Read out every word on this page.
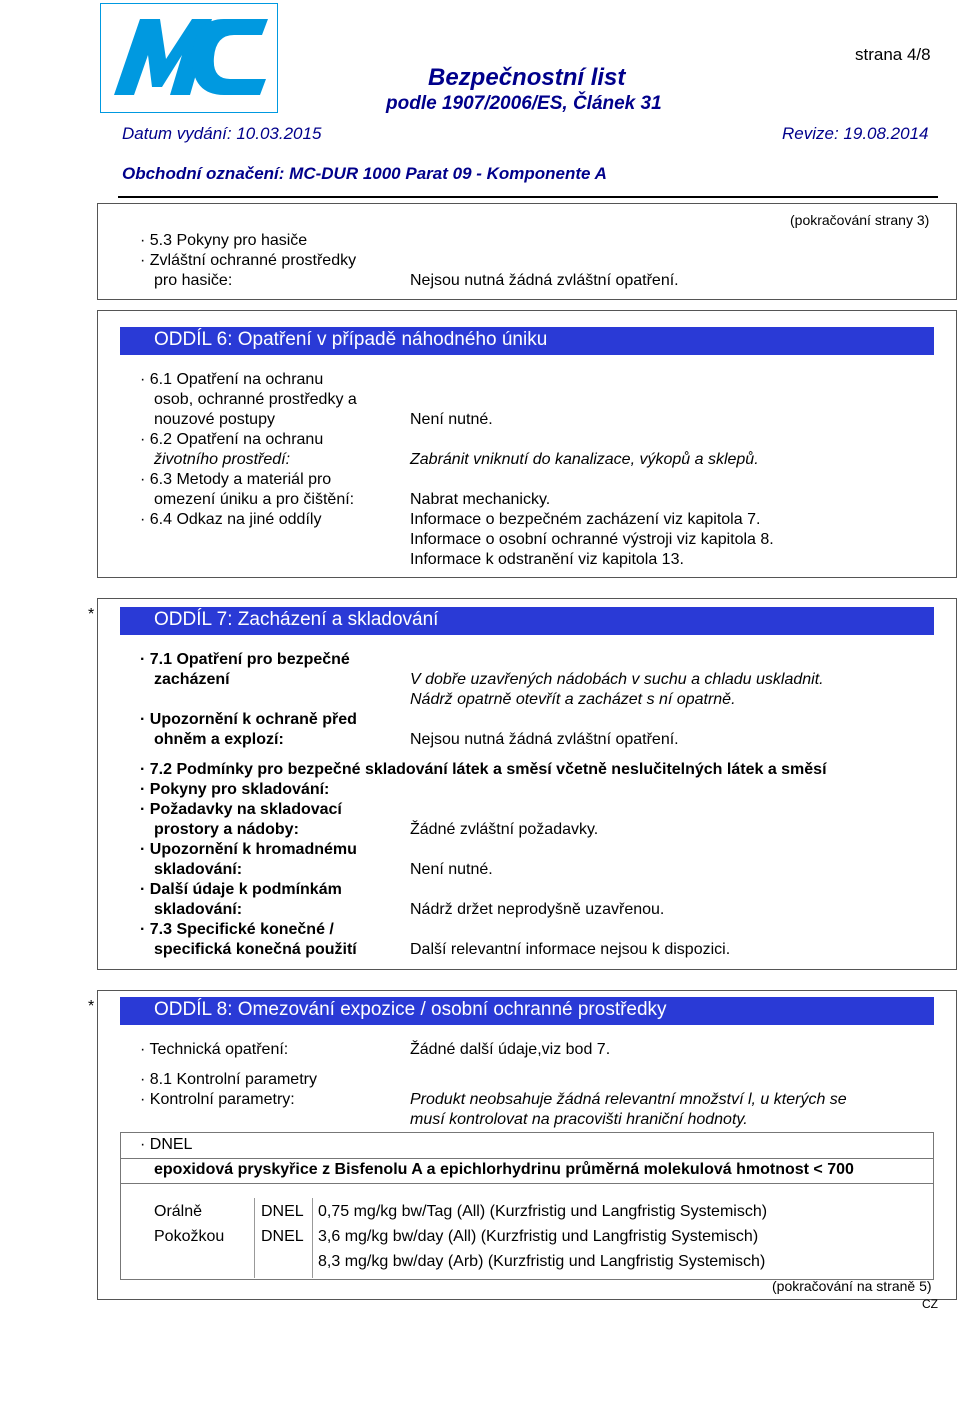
strana 4/8
Bezpečnostní list
podle 1907/2006/ES, Článek 31
Datum vydání: 10.03.2015	Revize: 19.08.2014
Obchodní označení: MC-DUR 1000 Parat 09 - Komponente A
(pokračování strany 3)
· 5.3 Pokyny pro hasiče
· Zvláštní ochranné prostředky
pro hasiče:	Nejsou nutná žádná zvláštní opatření.
ODDÍL 6: Opatření v případě náhodného úniku
· 6.1 Opatření na ochranu
osob, ochranné prostředky a
nouzové postupy	Není nutné.
· 6.2 Opatření na ochranu
životního prostředí:	Zabránit vniknutí do kanalizace, výkopů a sklepů.
· 6.3 Metody a materiál pro
omezení úniku a pro čištění:	Nabrat mechanicky.
· 6.4 Odkaz na jiné oddíly	Informace o bezpečném zacházení viz kapitola 7.
Informace o osobní ochranné výstroji viz kapitola 8.
Informace k odstranění viz kapitola 13.
*	ODDÍL 7: Zacházení a skladování
· 7.1 Opatření pro bezpečné
zacházení	V dobře uzavřených nádobách v suchu a chladu uskladnit.
Nádrž opatrně otevřít a zacházet s ní opatrně.
· Upozornění k ochraně před
ohněm a explozí:	Nejsou nutná žádná zvláštní opatření.
· 7.2 Podmínky pro bezpečné skladování látek a směsí včetně neslučitelných látek a směsí
· Pokyny pro skladování:
· Požadavky na skladovací
prostory a nádoby:	Žádné zvláštní požadavky.
· Upozornění k hromadnému
skladování:	Není nutné.
· Další údaje k podmínkám
skladování:	Nádrž držet neprodyšně uzavřenou.
· 7.3 Specifické konečné /
specifická konečná použití	Další relevantní informace nejsou k dispozici.
*	ODDÍL 8: Omezování expozice / osobní ochranné prostředky
· Technická opatření:	Žádné další údaje,viz bod 7.
· 8.1 Kontrolní parametry
· Kontrolní parametry:	Produkt neobsahuje žádná relevantní množství l, u kterých se
musí kontrolovat na pracovišti hraniční hodnoty.
· DNEL
epoxidová pryskyřice z Bisfenolu A a epichlorhydrinu průměrná molekulová hmotnost < 700
Orálně	DNEL 0,75 mg/kg bw/Tag (All) (Kurzfristig und Langfristig Systemisch)
Pokožkou DNEL 3,6 mg/kg bw/day (All) (Kurzfristig und Langfristig Systemisch)
8,3 mg/kg bw/day (Arb) (Kurzfristig und Langfristig Systemisch)
(pokračování na straně 5)
CZ
